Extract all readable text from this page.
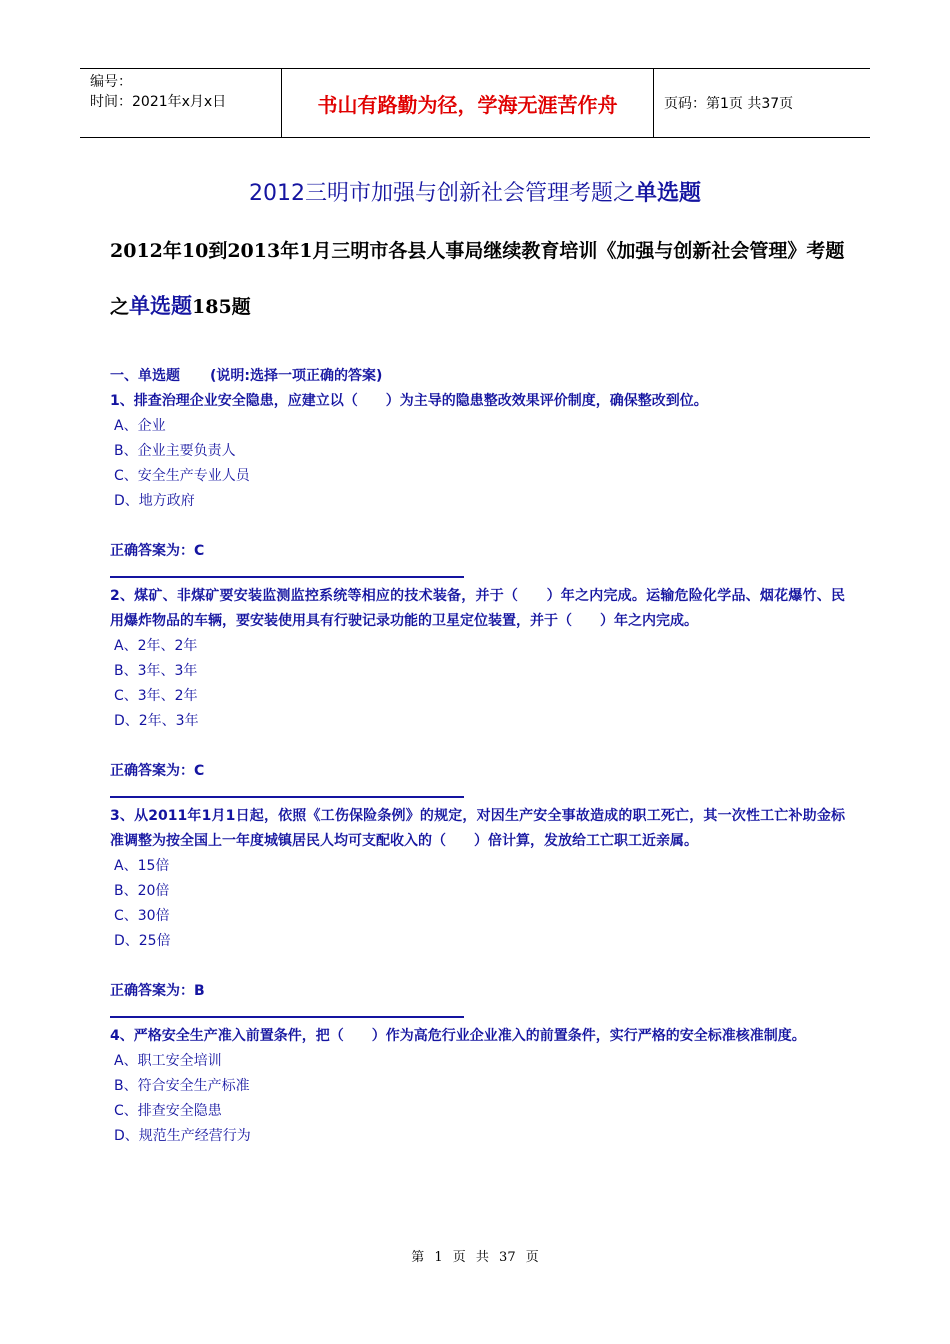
编号：
时间：2021年x月x日	书山有路勤为径，学海无涯苦作舟	页码：第1页 共37页
2012三明市加强与创新社会管理考题之单选题
2012年10到2013年1月三明市各县人事局继续教育培训《加强与创新社会管理》考题之单选题185题

一、单选题 (说明:选择一项正确的答案)

1、排查治理企业安全隐患，应建立以（　　）为主导的隐患整改效果评价制度，确保整改到位。

A、企业

B、企业主要负责人

C、安全生产专业人员

D、地方政府

正确答案为：C

2、煤矿、非煤矿要安装监测监控系统等相应的技术装备，并于（　　）年之内完成。运输危险化学品、烟花爆竹、民用爆炸物品的车辆，要安装使用具有行驶记录功能的卫星定位装置，并于（　　）年之内完成。

A、2年、2年

B、3年、3年

C、3年、2年

D、2年、3年

正确答案为：C

3、从2011年1月1日起，依照《工伤保险条例》的规定，对因生产安全事故造成的职工死亡，其一次性工亡补助金标准调整为按全国上一年度城镇居民人均可支配收入的（　　）倍计算，发放给工亡职工近亲属。

A、15倍

B、20倍

C、30倍

D、25倍

正确答案为：B

4、严格安全生产准入前置条件，把（　　）作为高危行业企业准入的前置条件，实行严格的安全标准核准制度。

A、职工安全培训

B、符合安全生产标准

C、排查安全隐患

D、规范生产经营行为

第 1 页 共 37 页
